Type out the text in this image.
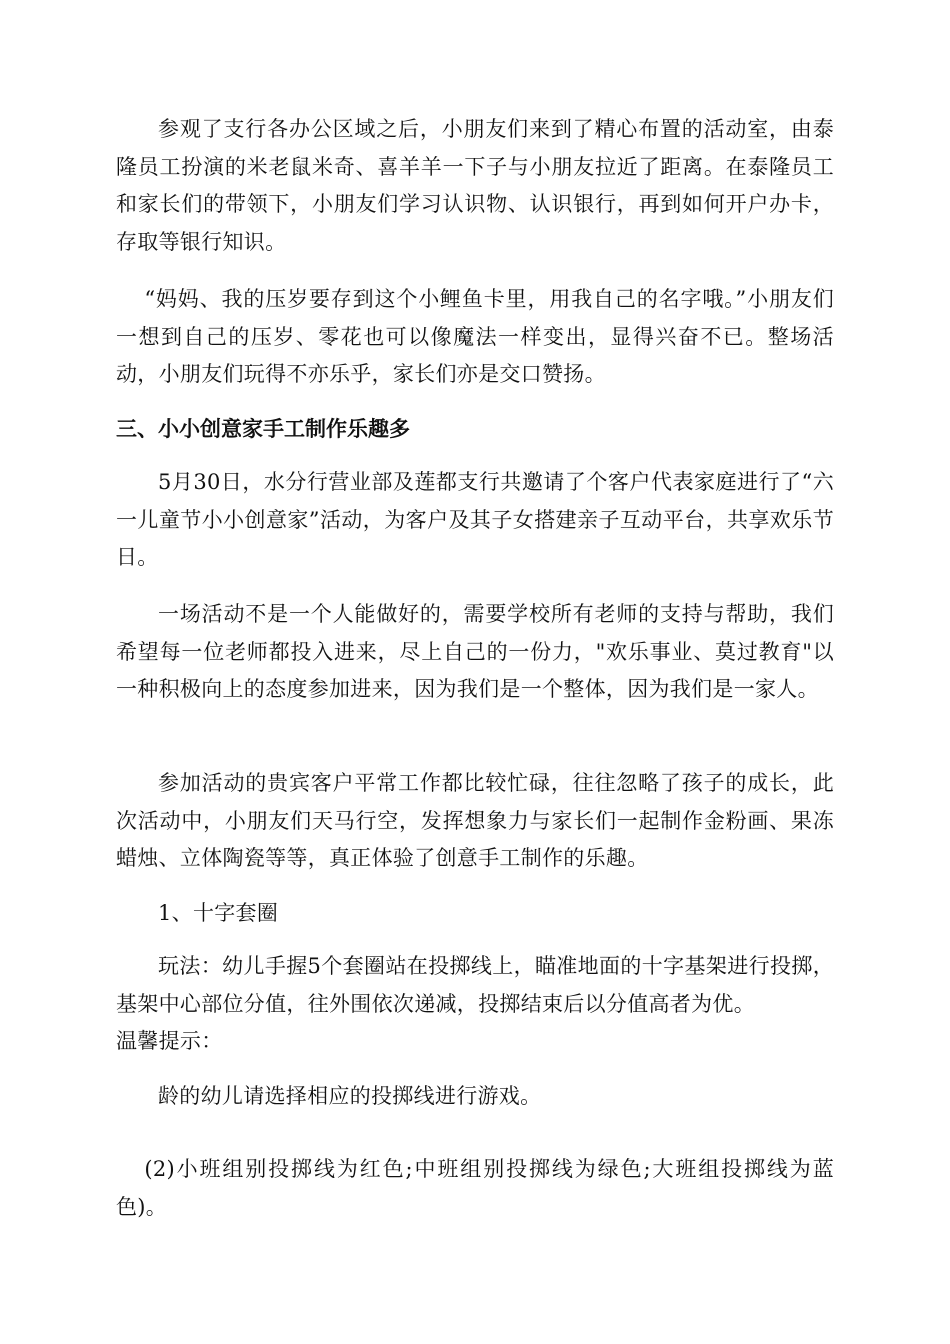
参观了支行各办公区域之后，小朋友们来到了精心布置的活动室，由泰隆员工扮演的米老鼠米奇、喜羊羊一下子与小朋友拉近了距离。在泰隆员工和家长们的带领下，小朋友们学习认识物、认识银行，再到如何开户办卡，存取等银行知识。

“妈妈、我的压岁要存到这个小鲤鱼卡里，用我自己的名字哦。”小朋友们一想到自己的压岁、零花也可以像魔法一样变出，显得兴奋不已。整场活动，小朋友们玩得不亦乐乎，家长们亦是交口赞扬。

三、小小创意家手工制作乐趣多

5月30日，水分行营业部及莲都支行共邀请了个客户代表家庭进行了“六一儿童节小小创意家”活动，为客户及其子女搭建亲子互动平台，共享欢乐节日。

一场活动不是一个人能做好的，需要学校所有老师的支持与帮助，我们希望每一位老师都投入进来，尽上自己的一份力，"欢乐事业、莫过教育"以一种积极向上的态度参加进来，因为我们是一个整体，因为我们是一家人。

参加活动的贵宾客户平常工作都比较忙碌，往往忽略了孩子的成长，此次活动中，小朋友们天马行空，发挥想象力与家长们一起制作金粉画、果冻蜡烛、立体陶瓷等等，真正体验了创意手工制作的乐趣。

1、十字套圈

玩法：幼儿手握5个套圈站在投掷线上，瞄准地面的十字基架进行投掷，基架中心部位分值，往外围依次递减，投掷结束后以分值高者为优。

温馨提示：

龄的幼儿请选择相应的投掷线进行游戏。

(2)小班组别投掷线为红色;中班组别投掷线为绿色;大班组投掷线为蓝色)。
